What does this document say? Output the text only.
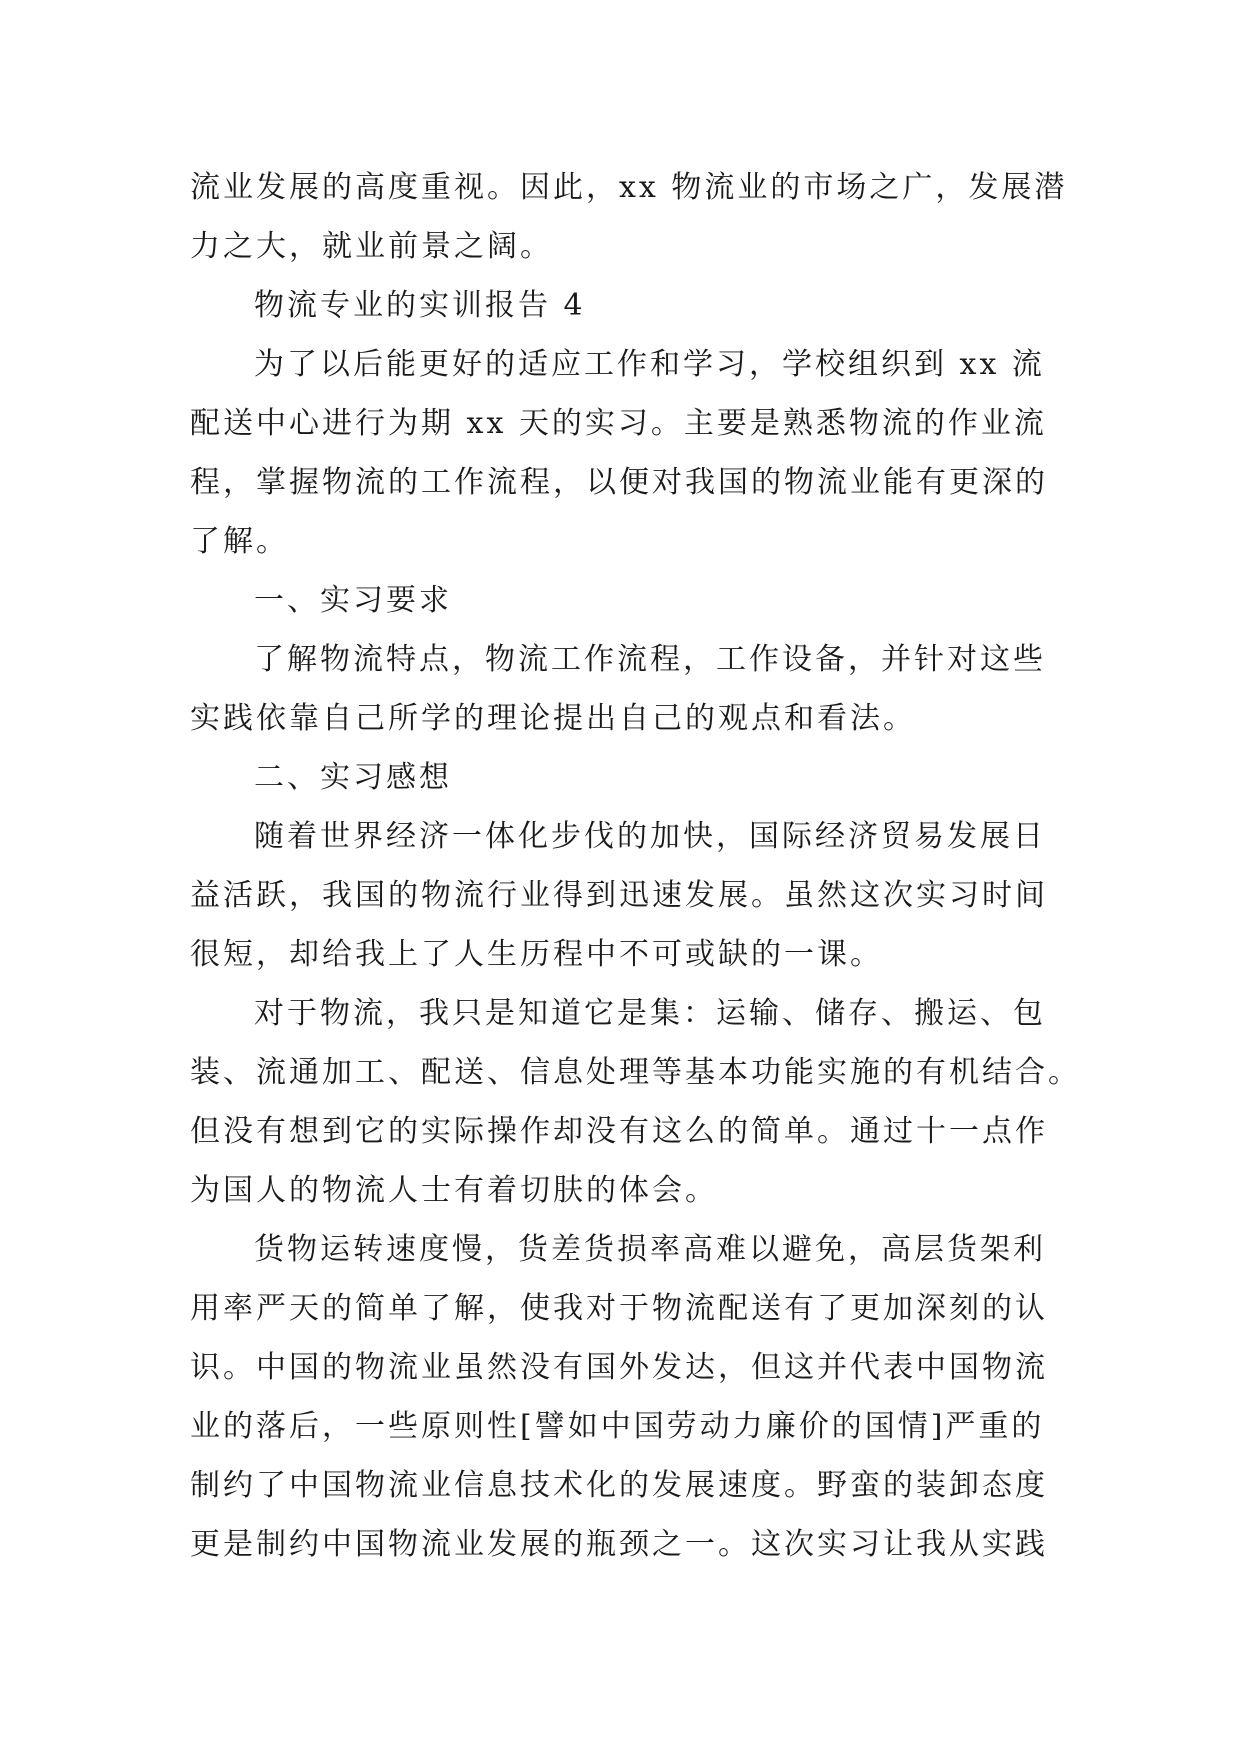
流业发展的高度重视。因此，xx 物流业的市场之广，发展潜
力之大，就业前景之阔。
物流专业的实训报告 4
为了以后能更好的适应工作和学习，学校组织到 xx 流
配送中心进行为期 xx 天的实习。主要是熟悉物流的作业流
程，掌握物流的工作流程，以便对我国的物流业能有更深的
了解。
一、实习要求
了解物流特点，物流工作流程，工作设备，并针对这些
实践依靠自己所学的理论提出自己的观点和看法。
二、实习感想
随着世界经济一体化步伐的加快，国际经济贸易发展日
益活跃，我国的物流行业得到迅速发展。虽然这次实习时间
很短，却给我上了人生历程中不可或缺的一课。
对于物流，我只是知道它是集：运输、储存、搬运、包
装、流通加工、配送、信息处理等基本功能实施的有机结合。
但没有想到它的实际操作却没有这么的简单。通过十一点作
为国人的物流人士有着切肤的体会。
货物运转速度慢，货差货损率高难以避免，高层货架利
用率严天的简单了解，使我对于物流配送有了更加深刻的认
识。中国的物流业虽然没有国外发达，但这并代表中国物流
业的落后，一些原则性[譬如中国劳动力廉价的国情]严重的
制约了中国物流业信息技术化的发展速度。野蛮的装卸态度
更是制约中国物流业发展的瓶颈之一。这次实习让我从实践
